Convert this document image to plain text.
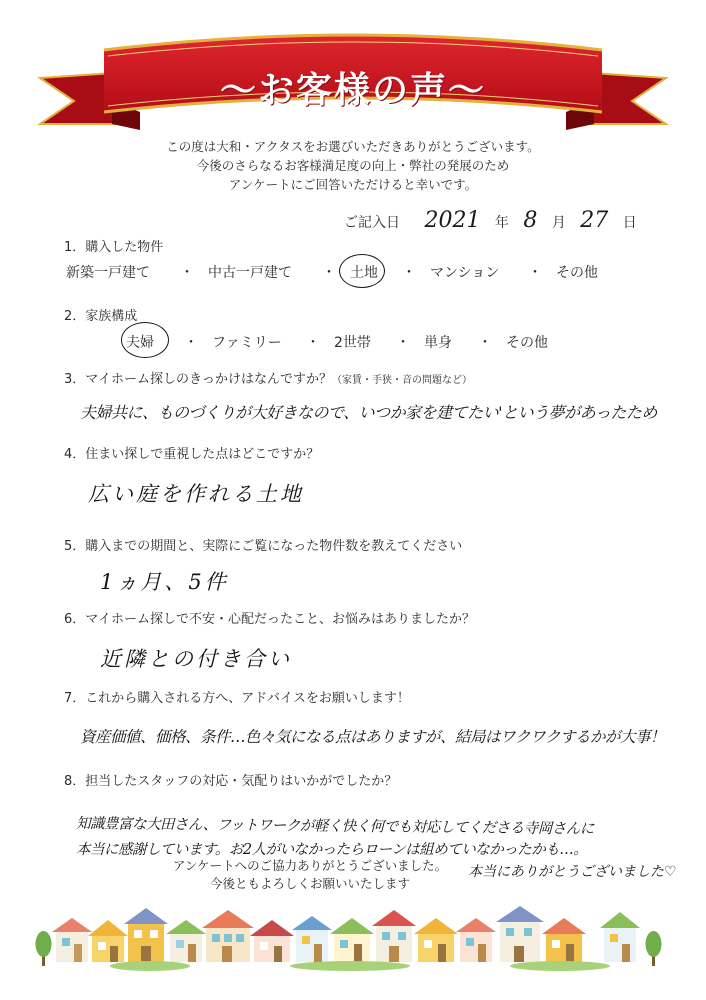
～お客様の声～
この度は大和・アクタスをお選びいただきありがとうございます。
今後のさらなるお客様満足度の向上・弊社の発展のため
アンケートにご回答いただけると幸いです。
ご記入日 2021 年 8 月 27 日
1．購入した物件
新築一戸建て ・ 中古一戸建て ・ 土地 ・ マンション ・ その他
2．家族構成
夫婦 ・ ファミリー ・ 2世帯 ・ 単身 ・ その他
3．マイホーム探しのきっかけはなんですか？（家賃・手狭・音の問題など）
夫婦共に、ものづくりが大好きなので、いつか家を建てたい'という夢があったため
4．住まい探しで重視した点はどこですか？
広い庭を作れる土地
5．購入までの期間と、実際にご覧になった物件数を教えてください
1ヵ月、5件
6．マイホーム探しで不安・心配だったこと、お悩みはありましたか？
近隣との付き合い
7．これから購入される方へ、アドバイスをお願いします！
資産価値、価格、条件…色々気になる点はありますが、結局はワクワクするかが大事！
8．担当したスタッフの対応・気配りはいかがでしたか？
知識豊富な大田さん、フットワークが軽く快く何でも対応してくださる寺岡さんに
本当に感謝しています。お2人がいなかったらローンは組めていなかったかも…。
本当にありがとうございました♡
アンケートへのご協力ありがとうございました。
今後ともよろしくお願いいたします
